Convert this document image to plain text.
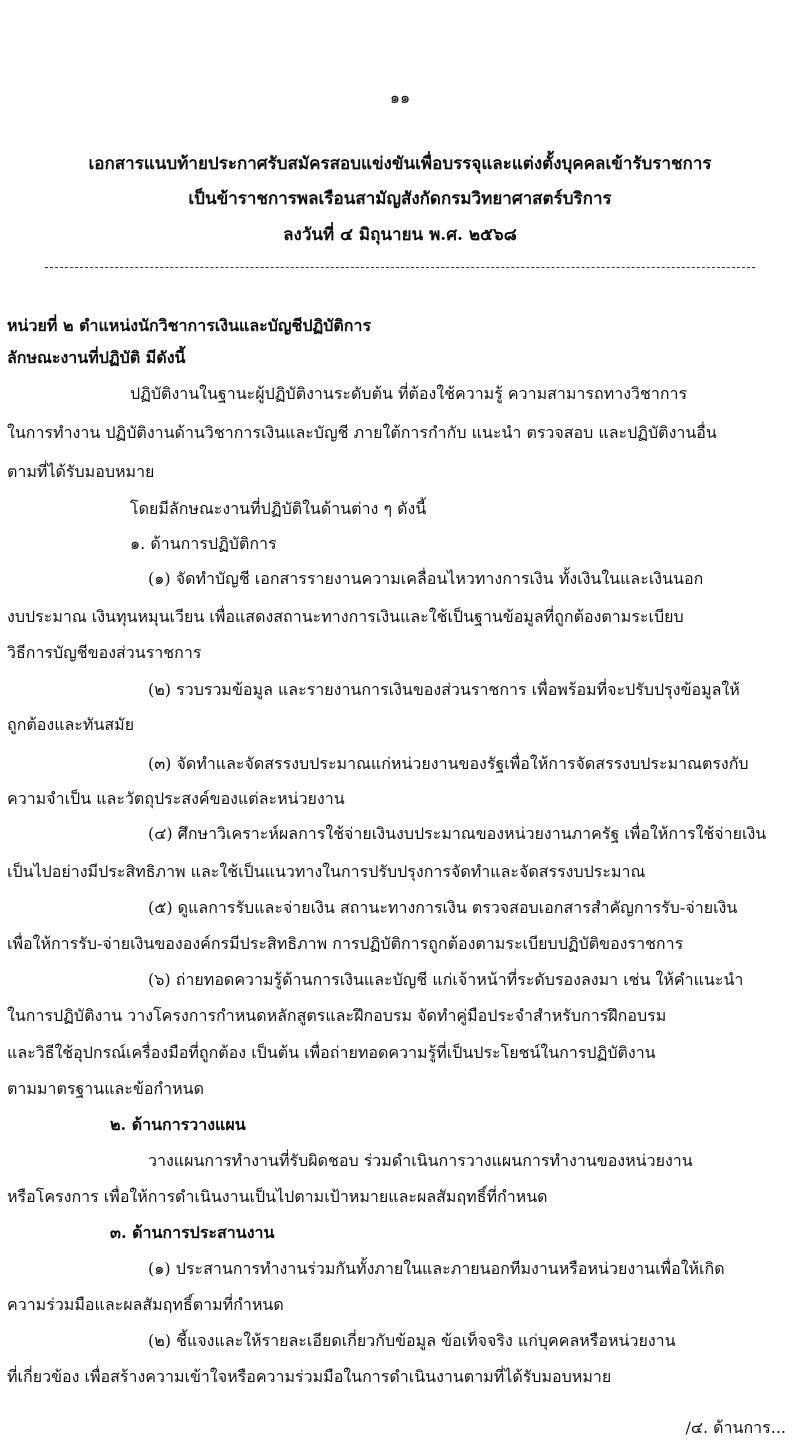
๑๑
เอกสารแนบท้ายประกาศรับสมัครสอบแข่งขันเพื่อบรรจุและแต่งตั้งบุคคลเข้ารับราชการ
เป็นข้าราชการพลเรือนสามัญสังกัดกรมวิทยาศาสตร์บริการ
ลงวันที่ ๔ มิถุนายน พ.ศ. ๒๕๖๘
หน่วยที่ ๒ ตำแหน่งนักวิชาการเงินและบัญชีปฏิบัติการ
ลักษณะงานที่ปฏิบัติ มีดังนี้
ปฏิบัติงานในฐานะผู้ปฏิบัติงานระดับต้น ที่ต้องใช้ความรู้ ความสามารถทางวิชาการ
ในการทำงาน ปฏิบัติงานด้านวิชาการเงินและบัญชี ภายใต้การกำกับ แนะนำ ตรวจสอบ และปฏิบัติงานอื่น
ตามที่ได้รับมอบหมาย
โดยมีลักษณะงานที่ปฏิบัติในด้านต่าง ๆ ดังนี้
๑. ด้านการปฏิบัติการ
(๑) จัดทำบัญชี เอกสารรายงานความเคลื่อนไหวทางการเงิน ทั้งเงินในและเงินนอก
งบประมาณ เงินทุนหมุนเวียน เพื่อแสดงสถานะทางการเงินและใช้เป็นฐานข้อมูลที่ถูกต้องตามระเบียบ
วิธีการบัญชีของส่วนราชการ
(๒) รวบรวมข้อมูล และรายงานการเงินของส่วนราชการ เพื่อพร้อมที่จะปรับปรุงข้อมูลให้
ถูกต้องและทันสมัย
(๓) จัดทำและจัดสรรงบประมาณแก่หน่วยงานของรัฐเพื่อให้การจัดสรรงบประมาณตรงกับ
ความจำเป็น และวัตถุประสงค์ของแต่ละหน่วยงาน
(๔) ศึกษาวิเคราะห์ผลการใช้จ่ายเงินงบประมาณของหน่วยงานภาครัฐ เพื่อให้การใช้จ่ายเงิน
เป็นไปอย่างมีประสิทธิภาพ และใช้เป็นแนวทางในการปรับปรุงการจัดทำและจัดสรรงบประมาณ
(๕) ดูแลการรับและจ่ายเงิน สถานะทางการเงิน ตรวจสอบเอกสารสำคัญการรับ-จ่ายเงิน
เพื่อให้การรับ-จ่ายเงินขององค์กรมีประสิทธิภาพ การปฏิบัติการถูกต้องตามระเบียบปฏิบัติของราชการ
(๖) ถ่ายทอดความรู้ด้านการเงินและบัญชี แก่เจ้าหน้าที่ระดับรองลงมา เช่น ให้คำแนะนำ
ในการปฏิบัติงาน วางโครงการกำหนดหลักสูตรและฝึกอบรม จัดทำคู่มือประจำสำหรับการฝึกอบรม
และวิธีใช้อุปกรณ์เครื่องมือที่ถูกต้อง เป็นต้น เพื่อถ่ายทอดความรู้ที่เป็นประโยชน์ในการปฏิบัติงาน
ตามมาตรฐานและข้อกำหนด
๒. ด้านการวางแผน
วางแผนการทำงานที่รับผิดชอบ ร่วมดำเนินการวางแผนการทำงานของหน่วยงาน
หรือโครงการ เพื่อให้การดำเนินงานเป็นไปตามเป้าหมายและผลสัมฤทธิ์ที่กำหนด
๓. ด้านการประสานงาน
(๑) ประสานการทำงานร่วมกันทั้งภายในและภายนอกทีมงานหรือหน่วยงานเพื่อให้เกิด
ความร่วมมือและผลสัมฤทธิ์ตามที่กำหนด
(๒) ชี้แจงและให้รายละเอียดเกี่ยวกับข้อมูล ข้อเท็จจริง แก่บุคคลหรือหน่วยงาน
ที่เกี่ยวข้อง เพื่อสร้างความเข้าใจหรือความร่วมมือในการดำเนินงานตามที่ได้รับมอบหมาย
/๔. ด้านการ...
